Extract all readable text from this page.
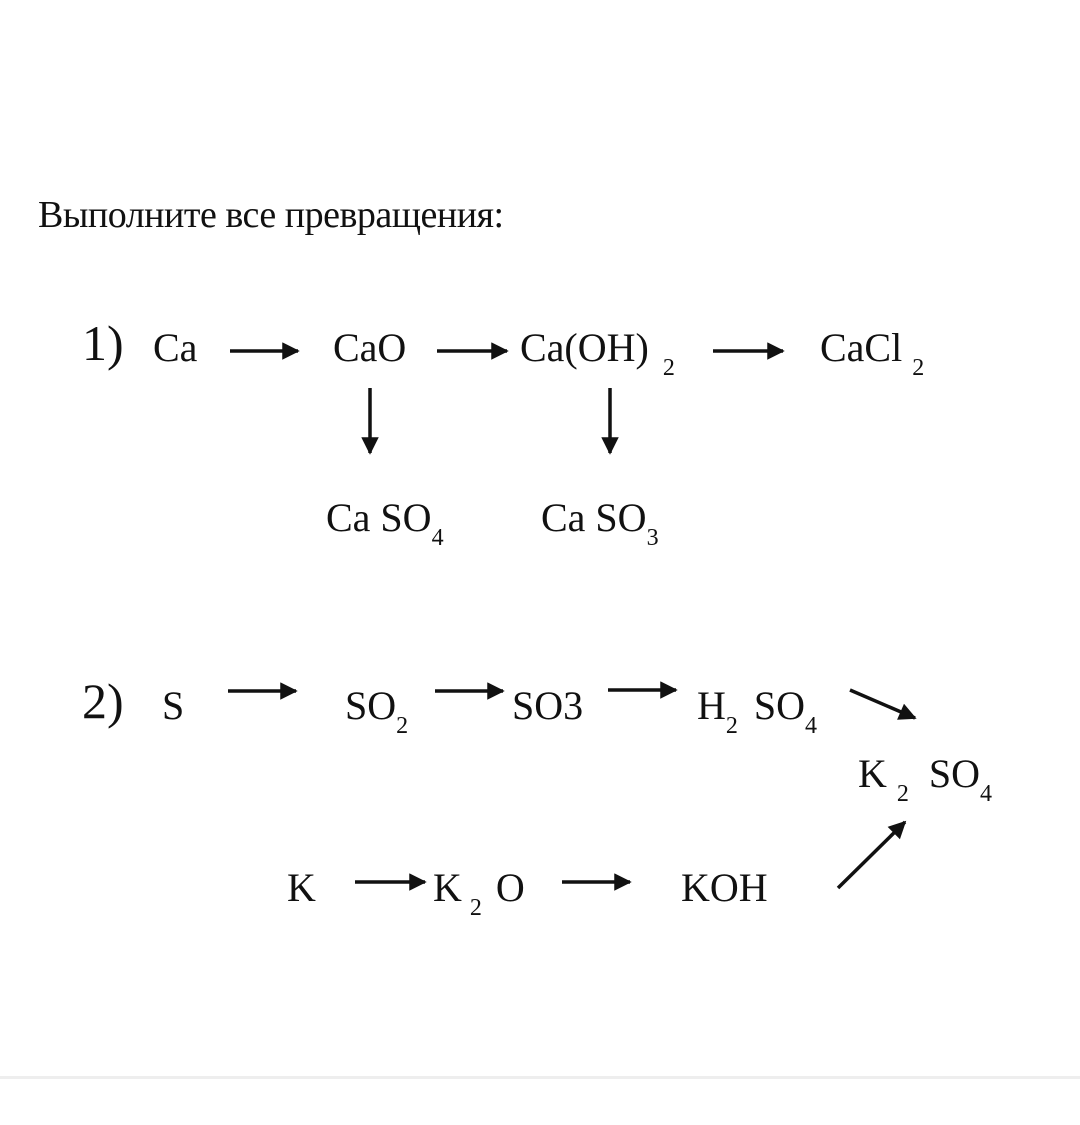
Выполните все превращения:
1) Ca	CaO	Ca(OH) $_2$	CaCl $_2$
Ca $SO_4$ Ca $SO_3$
2) S	$SO_2$	SO3	$H_2$ $SO_4$
K $_2$ $SO_4$
K	K $_2$ O	KOH
